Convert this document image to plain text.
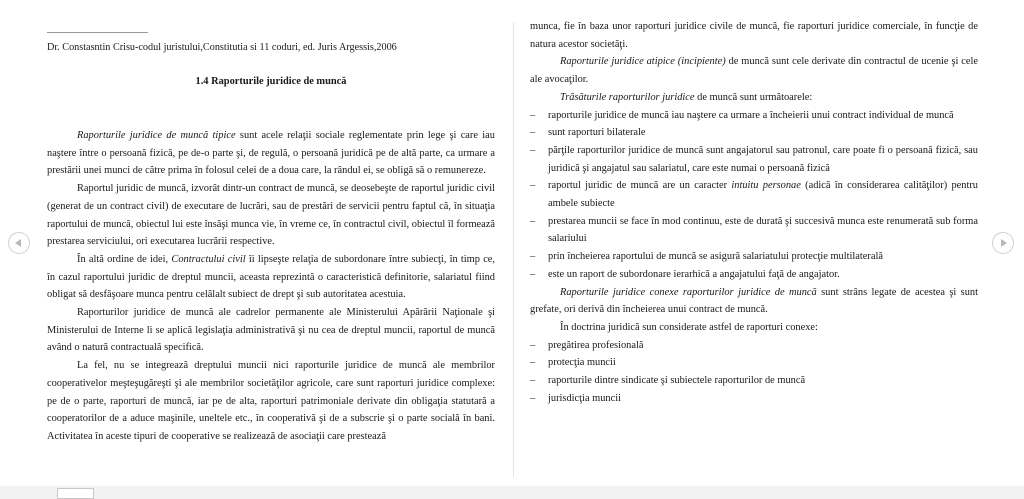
Dr. Constasntin Crisu-codul juristului,Constitutia si 11 coduri, ed. Juris Argessis,2006
1.4 Raporturile juridice de muncă

Raporturile juridice de muncă tipice sunt acele relaţii sociale reglementate prin lege şi care iau naştere între o persoană fizică, pe de-o parte şi, de regulă, o persoană juridică pe de altă parte, ca urmare a prestării unei munci de către prima în folosul celei de a doua care, la rândul ei, se obligă să o remunereze.

Raportul juridic de muncă, izvorât dintr-un contract de muncă, se deosebeşte de raportul juridic civil (generat de un contract civil) de executare de lucrări, sau de prestări de servicii pentru faptul că, în situaţia raportului de muncă, obiectul lui este însăşi munca vie, în vreme ce, în contractul civil, obiectul îl formează prestarea serviciului, ori executarea lucrării respective.

În altă ordine de idei, Contractului civil îi lipseşte relaţia de subordonare între subiecţi, în timp ce, în cazul raportului juridic de dreptul muncii, aceasta reprezintă o caracteristică definitorie, salariatul fiind obligat să desfăşoare munca pentru celălalt subiect de drept şi sub autoritatea acestuia.

Raporturilor juridice de muncă ale cadrelor permanente ale Ministerului Apărării Naţionale şi Ministerului de Interne li se aplică legislaţia administrativă şi nu cea de dreptul muncii, raportul de muncă având o natură contractuală specifică.

La fel, nu se integrează dreptului muncii nici raporturile juridice de muncă ale membrilor cooperativelor meşteşugăreşti şi ale membrilor societăţilor agricole, care sunt raporturi juridice complexe: pe de o parte, raporturi de muncă, iar pe de alta, raporturi patrimoniale derivate din obligaţia statutară a cooperatorilor de a aduce maşinile, uneltele etc., în cooperativă şi de a subscrie şi o parte socială în bani. Activitatea în aceste tipuri de cooperative se realizează de asociaţii care prestează

munca, fie în baza unor raporturi juridice civile de muncă, fie raporturi juridice comerciale, în funcţie de natura acestor societăţi.

Raporturile juridice atipice (incipiente) de muncă sunt cele derivate din contractul de ucenie şi cele ale avocaţilor.

Trăsăturile raporturilor juridice de muncă sunt următoarele:

– raporturile juridice de muncă iau naştere ca urmare a încheierii unui contract individual de muncă

– sunt raporturi bilaterale

– părţile raporturilor juridice de muncă sunt angajatorul sau patronul, care poate fi o persoană fizică, sau juridică şi angajatul sau salariatul, care este numai o persoană fizică

– raportul juridic de muncă are un caracter intuitu personae (adică în considerarea calităţilor) pentru ambele subiecte

– prestarea muncii se face în mod continuu, este de durată şi succesivă munca este renumerată sub forma salariului

– prin încheierea raportului de muncă se asigură salariatului protecţie multilaterală

– este un raport de subordonare ierarhică a angajatului faţă de angajator.

Raporturile juridice conexe raporturilor juridice de muncă sunt strâns legate de acestea şi sunt grefate, ori derivă din încheierea unui contract de muncă.

În doctrina juridică sun considerate astfel de raporturi conexe:

– pregătirea profesională

– protecţia muncii

– raporturile dintre sindicate şi subiectele raporturilor de muncă

– jurisdicţia muncii
